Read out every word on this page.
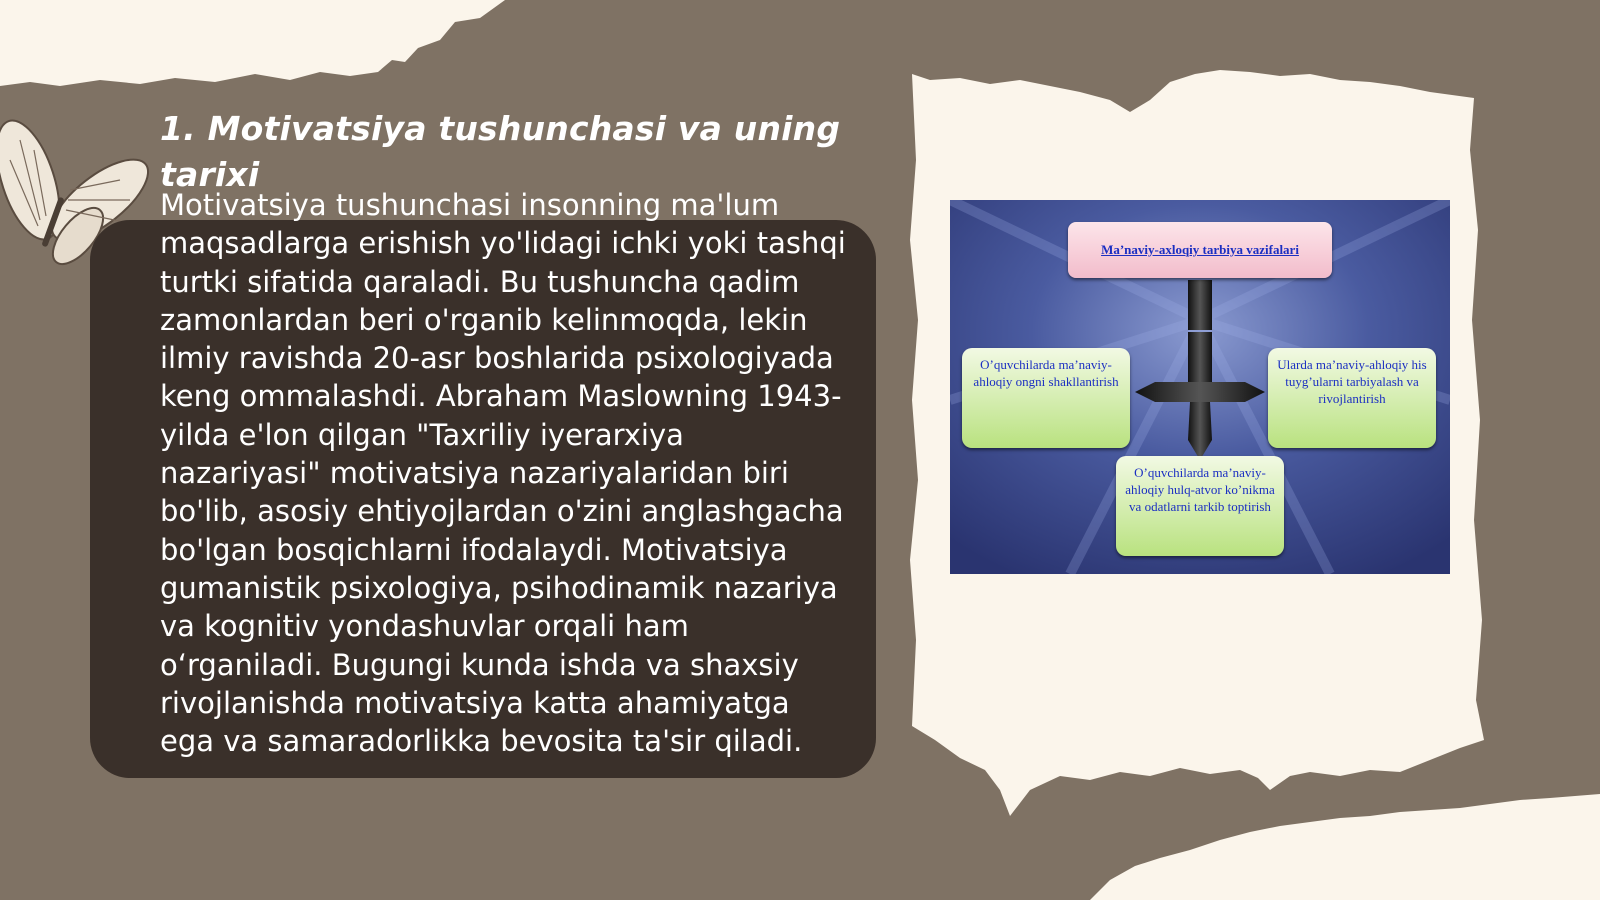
1. Motivatsiya tushunchasi va uning tarixi
Motivatsiya tushunchasi insonning ma'lum maqsadlarga erishish yo'lidagi ichki yoki tashqi turtki sifatida qaraladi. Bu tushuncha qadim zamonlardan beri o'rganib kelinmoqda, lekin ilmiy ravishda 20-asr boshlarida psixologiyada keng ommalashdi. Abraham Maslowning 1943-yilda e'lon qilgan "Taxriliy iyerarxiya nazariyasi" motivatsiya nazariyalaridan biri bo'lib, asosiy ehtiyojlardan o'zini anglashgacha bo'lgan bosqichlarni ifodalaydi. Motivatsiya gumanistik psixologiya, psihodinamik nazariya va kognitiv yondashuvlar orqali ham o‘rganiladi. Bugungi kunda ishda va shaxsiy rivojlanishda motivatsiya katta ahamiyatga ega va samaradorlikka bevosita ta'sir qiladi.
Ma’naviy-axloqiy tarbiya vazifalari
O’quvchilarda ma’naviy-ahloqiy ongni shakllantirish
Ularda ma’naviy-ahloqiy his tuyg’ularni tarbiyalash va rivojlantirish
O’quvchilarda ma’naviy-ahloqiy hulq-atvor ko’nikma va odatlarni tarkib toptirish
